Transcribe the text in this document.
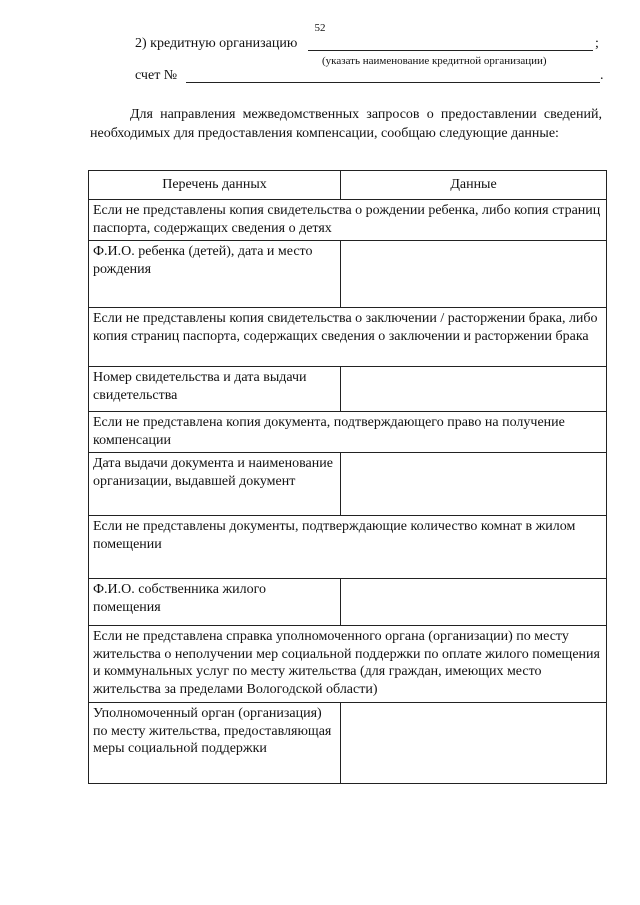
52
2) кредитную организацию	;
(указать наименование кредитной организации)
счет №	.

Для направления межведомственных запросов о предоставлении сведений, необходимых для предоставления компенсации, сообщаю следующие данные:

Перечень данных	Данные
Если не представлены копия свидетельства о рождении ребенка, либо копия страниц паспорта, содержащих сведения о детях	
Ф.И.О. ребенка (детей), дата и место рождения	
Если не представлены копия свидетельства о заключении / расторжении брака, либо копия страниц паспорта, содержащих сведения о заключении и расторжении брака	
Номер свидетельства и дата выдачи свидетельства	
Если не представлена копия документа, подтверждающего право на получение компенсации	
Дата выдачи документа и наименование организации, выдавшей документ	
Если не представлены документы, подтверждающие количество комнат в жилом помещении	
Ф.И.О. собственника жилого помещения	
Если не представлена справка уполномоченного органа (организации) по месту жительства о неполучении мер социальной поддержки по оплате жилого помещения и коммунальных услуг по месту жительства (для граждан, имеющих место жительства за пределами Вологодской области)	
Уполномоченный орган (организация) по месту жительства, предоставляющая меры социальной поддержки	
